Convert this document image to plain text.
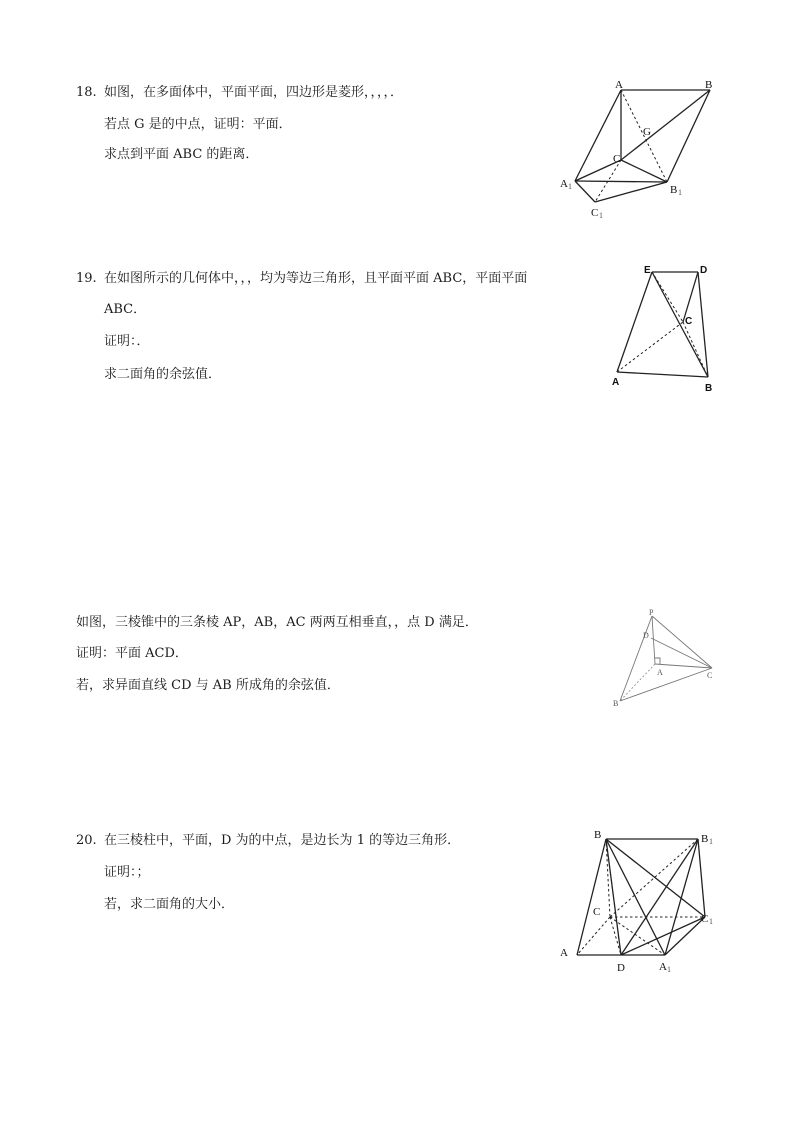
18. 如图，在多面体中，平面平面，四边形是菱形，，，，．
若点 G 是的中点，证明：平面．
求点到平面 ABC 的距离．
A	B
G
C
A 1	B 1
C 1
19. 在如图所示的几何体中，，，均为等边三角形，且平面平面 ABC，平面平面
ABC．
证明：．
求二面角的余弦值．
E	D
C
A
B
如图，三棱锥中的三条棱 AP，AB，AC 两两互相垂直，，点 D 满足．
证明：平面 ACD．
若，求异面直线 CD 与 AB 所成角的余弦值．
P
D
A	C
B
20. 在三棱柱中，平面，D 为的中点，是边长为 1 的等边三角形．
证明：；
若，求二面角的大小．
B	B 1
C
C 1
A
D	A 1
